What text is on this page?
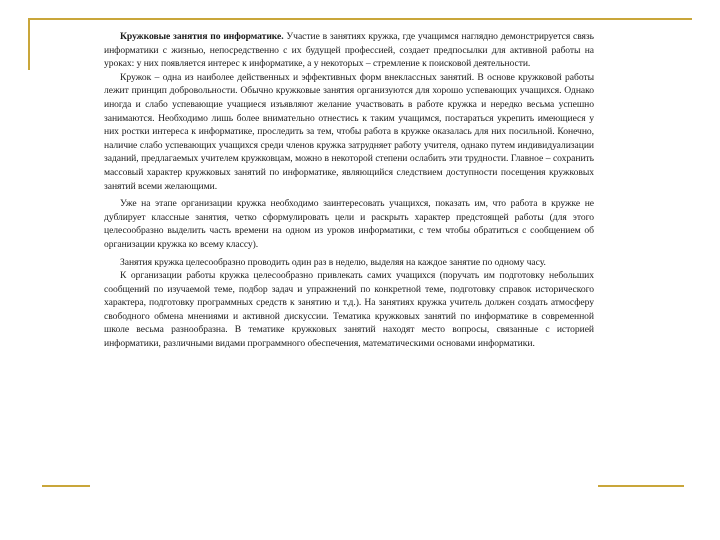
Кружковые занятия по информатике. Участие в занятиях кружка, где учащимся наглядно демонстрируется связь информатики с жизнью, непосредственно с их будущей профессией, создает предпосылки для активной работы на уроках: у них появляется интерес к информатике, а у некоторых – стремление к поисковой деятельности.

Кружок – одна из наиболее действенных и эффективных форм внеклассных занятий. В основе кружковой работы лежит принцип добровольности. Обычно кружковые занятия организуются для хорошо успевающих учащихся. Однако иногда и слабо успевающие учащиеся изъявляют желание участвовать в работе кружка и нередко весьма успешно занимаются. Необходимо лишь более внимательно отнестись к таким учащимся, постараться укрепить имеющиеся у них ростки интереса к информатике, проследить за тем, чтобы работа в кружке оказалась для них посильной. Конечно, наличие слабо успевающих учащихся среди членов кружка затрудняет работу учителя, однако путем индивидуализации заданий, предлагаемых учителем кружковцам, можно в некоторой степени ослабить эти трудности. Главное – сохранить массовый характер кружковых занятий по информатике, являющийся следствием доступности посещения кружковых занятий всеми желающими.

Уже на этапе организации кружка необходимо заинтересовать учащихся, показать им, что работа в кружке не дублирует классные занятия, четко сформулировать цели и раскрыть характер предстоящей работы (для этого целесообразно выделить часть времени на одном из уроков информатики, с тем чтобы обратиться с сообщением об организации кружка ко всему классу).

Занятия кружка целесообразно проводить один раз в неделю, выделяя на каждое занятие по одному часу.

К организации работы кружка целесообразно привлекать самих учащихся (поручать им подготовку небольших сообщений по изучаемой теме, подбор задач и упражнений по конкретной теме, подготовку справок исторического характера, подготовку программных средств к занятию и т.д.). На занятиях кружка учитель должен создать атмосферу свободного обмена мнениями и активной дискуссии. Тематика кружковых занятий по информатике в современной школе весьма разнообразна. В тематике кружковых занятий находят место вопросы, связанные с историей информатики, различными видами программного обеспечения, математическими основами информатики.
